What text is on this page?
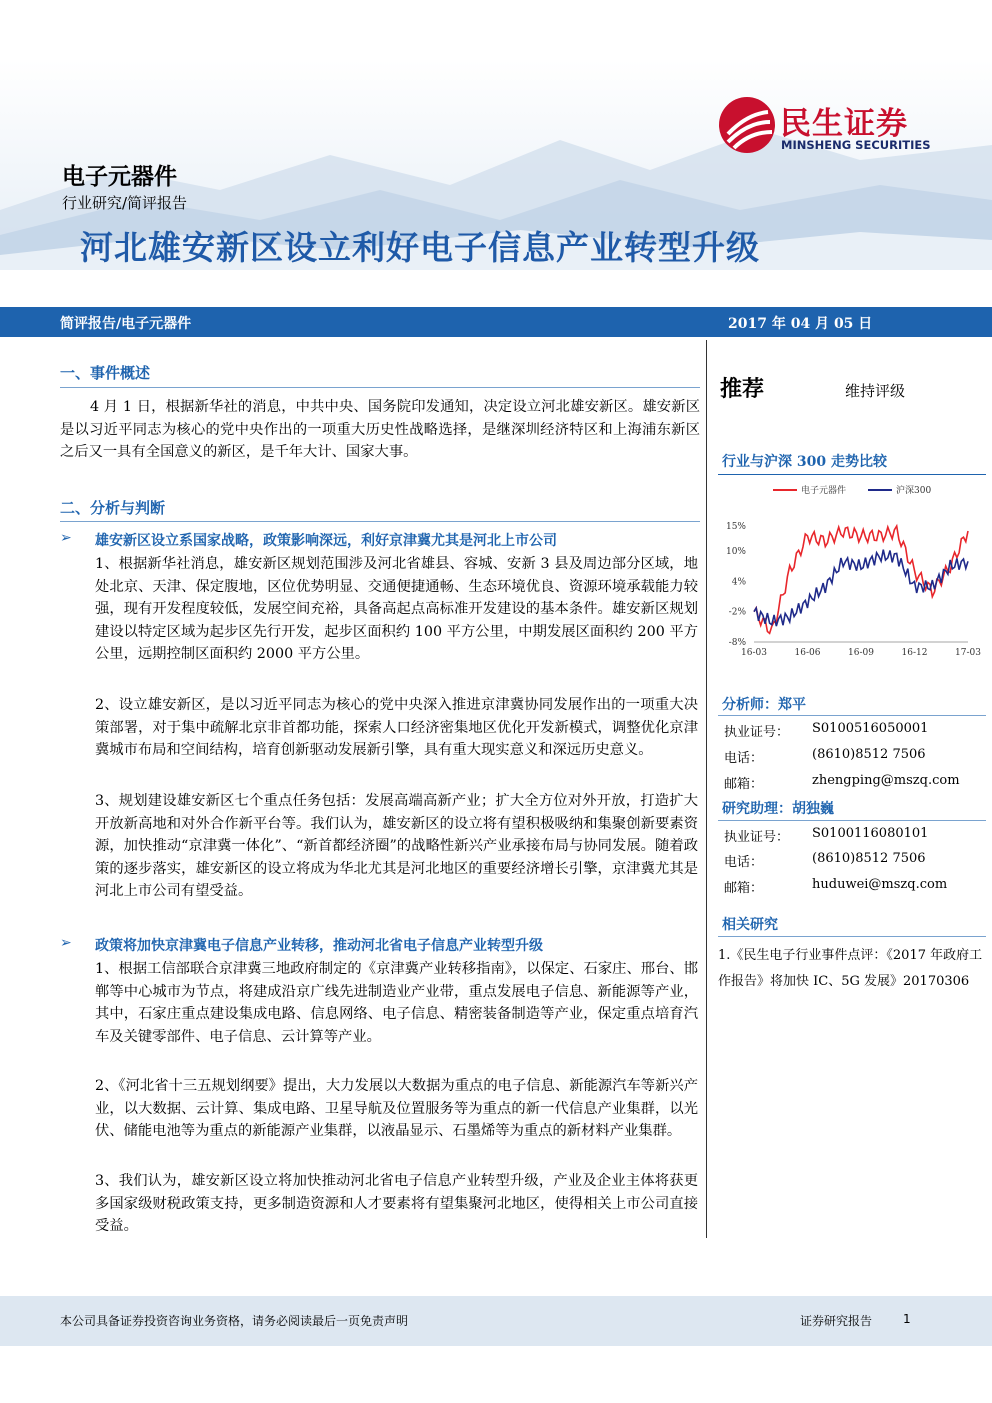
民生证券
MINSHENG SECURITIES
电子元器件
行业研究/简评报告
河北雄安新区设立利好电子信息产业转型升级
简评报告/电子元器件	2017 年 04 月 05 日
一、事件概述
4 月 1 日，根据新华社的消息，中共中央、国务院印发通知，决定设立河北雄安新区。雄安新区是以习近平同志为核心的党中央作出的一项重大历史性战略选择，是继深圳经济特区和上海浦东新区之后又一具有全国意义的新区，是千年大计、国家大事。
二、分析与判断
➢ 雄安新区设立系国家战略，政策影响深远，利好京津冀尤其是河北上市公司
1、根据新华社消息，雄安新区规划范围涉及河北省雄县、容城、安新 3 县及周边部分区域，地处北京、天津、保定腹地，区位优势明显、交通便捷通畅、生态环境优良、资源环境承载能力较强，现有开发程度较低，发展空间充裕，具备高起点高标准开发建设的基本条件。雄安新区规划建设以特定区域为起步区先行开发，起步区面积约 100 平方公里，中期发展区面积约 200 平方公里，远期控制区面积约 2000 平方公里。
2、设立雄安新区，是以习近平同志为核心的党中央深入推进京津冀协同发展作出的一项重大决策部署，对于集中疏解北京非首都功能，探索人口经济密集地区优化开发新模式，调整优化京津冀城市布局和空间结构，培育创新驱动发展新引擎，具有重大现实意义和深远历史意义。
3、规划建设雄安新区七个重点任务包括：发展高端高新产业；扩大全方位对外开放，打造扩大开放新高地和对外合作新平台等。我们认为，雄安新区的设立将有望积极吸纳和集聚创新要素资源，加快推动“京津冀一体化”、“新首都经济圈”的战略性新兴产业承接布局与协同发展。随着政策的逐步落实，雄安新区的设立将成为华北尤其是河北地区的重要经济增长引擎，京津冀尤其是河北上市公司有望受益。
➢ 政策将加快京津冀电子信息产业转移，推动河北省电子信息产业转型升级
1、根据工信部联合京津冀三地政府制定的《京津冀产业转移指南》，以保定、石家庄、邢台、邯郸等中心城市为节点，将建成沿京广线先进制造业产业带，重点发展电子信息、新能源等产业，其中，石家庄重点建设集成电路、信息网络、电子信息、精密装备制造等产业，保定重点培育汽车及关键零部件、电子信息、云计算等产业。
2、《河北省十三五规划纲要》提出，大力发展以大数据为重点的电子信息、新能源汽车等新兴产业，以大数据、云计算、集成电路、卫星导航及位置服务等为重点的新一代信息产业集群，以光伏、储能电池等为重点的新能源产业集群，以液晶显示、石墨烯等为重点的新材料产业集群。
3、我们认为，雄安新区设立将加快推动河北省电子信息产业转型升级，产业及企业主体将获更多国家级财税政策支持，更多制造资源和人才要素将有望集聚河北地区，使得相关上市公司直接受益。
推荐	维持评级
行业与沪深 300 走势比较
电子元器件	沪深300
15%
10%
4%
-2%
-8%
16-03	16-06	16-09	16-12	17-03
分析师：郑平
执业证号： S0100516050001
电话：	(8610)8512 7506
邮箱：	zhengping@mszq.com
研究助理：胡独巍
执业证号： S0100116080101
电话：	(8610)8512 7506
邮箱：	huduwei@mszq.com
相关研究
1.《民生电子行业事件点评：《2017 年政府工作报告》将加快 IC、5G 发展》20170306
本公司具备证券投资咨询业务资格，请务必阅读最后一页免责声明	证券研究报告	1
